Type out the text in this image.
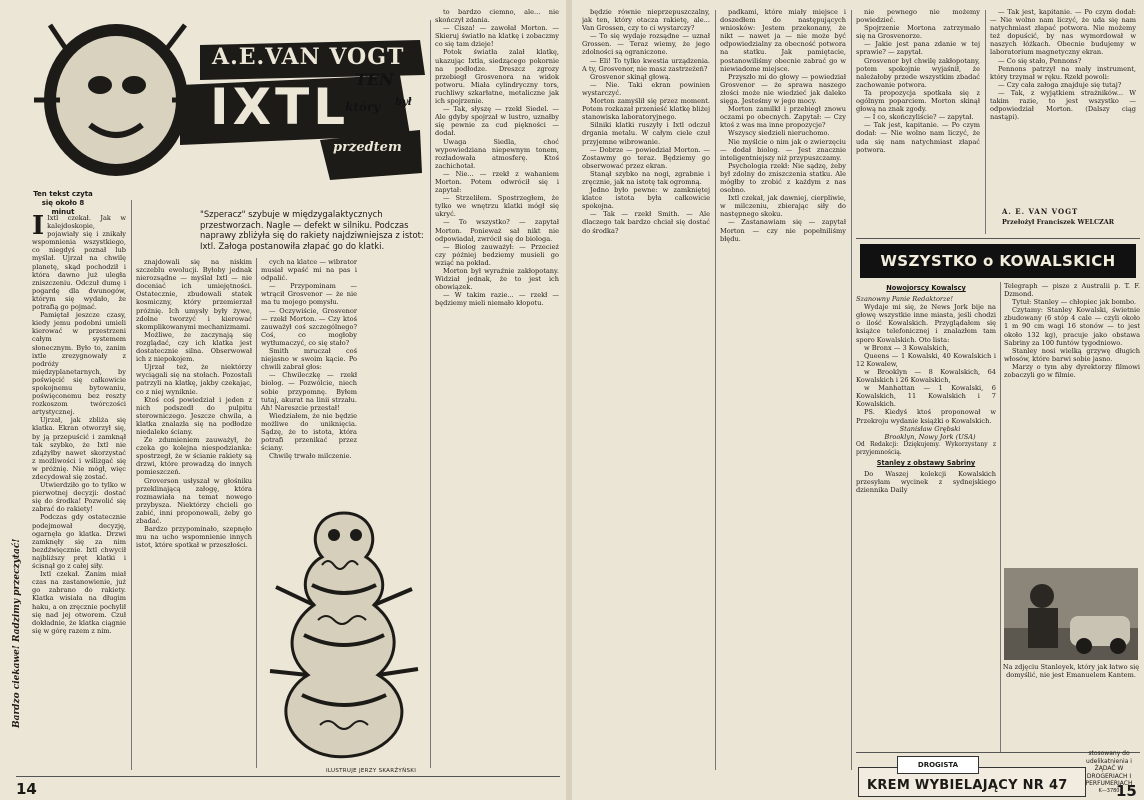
A.E.VAN VOGT
IXTL TEN
który był
przedtem
Ten tekst czyta się około 8 minut	"Szperacz" szybuje w międzygalaktycznych przestworzach. Nagle — defekt w silniku. Podczas naprawy zbliżyła się do rakiety najdziwniejsza z istot: Ixtl. Załoga postanowiła złapać go do klatki.
Bardzo ciekawe! Radzimy przeczytać!

I Ixtl czekał. Jak w kalejdoskopie, pojawiały się i znikały wspomnienia wszystkiego, co niegdyś poznał lub myślał. Ujrzał na chwilę planetę, skąd pochodził i która dawno już uległa zniszczeniu. Odczuł dumę i pogardę dla dwunogów, którym się wydało, że potrafią go pojmać.

Pamiętał jeszcze czasy, kiedy jemu podobni umieli kierować w przestrzeni całym systemem słonecznym. Było to, zanim ixtle zrezygnowały z podróży międzyplanetarnych, by poświęcić się całkowicie spokojnemu bytowaniu, poświęconemu bez reszty rozkoszom twórczości artystycznej.

Ujrzał, jak zbliża się klatka. Ekran otworzył się, by ją przepuścić i zamknął tak szybko, że Ixtl nie zdążyłby nawet skorzystać z możliwości i wślizgać się w próżnię. Nie mógł, więc zdecydował się zostać.

Utwierdziło go to tylko w pierwotnej decyzji: dostać się do środka! Pozwolić się zabrać do rakiety!

Podczas gdy ostatecznie podejmował decyzję, ogarnęła go klatka. Drzwi zamknęły się za nim bezdźwięcznie. Ixtl chwycił najbliższy pręt klatki i ścisnął go z całej siły.

Ixtl czekał. Zanim miał czas na zastanowienie, już go zabrano do rakiety. Klatka wisiała na długim haku, a on zręcznie pochylił się nad jej otworem. Czuł dokładnie, że klatka ciągnie się w górę razem z nim.

znajdowali się na niskim szczeblu ewolucji. Byłoby jednak nierozsądne — myślał Ixtl — nie doceniać ich umiejętności. Ostatecznie, zbudowali statek kosmiczny, który przemierzał próżnię. Ich umysły były żywe, zdolne tworzyć i kierować skomplikowanymi mechanizmami.

Możliwe, że zaczynają się rozglądać, czy ich klatka jest dostatecznie silna. Obserwował ich z niepokojem.

Ujrzał też, że niektórzy wyciągali się na stołach. Pozostali patrzyli na klatkę, jakby czekając, co z niej wyniknie.

Ktoś coś powiedział i jeden z nich podszedł do pulpitu sterowniczego. Jeszcze chwila, a klatka znalazła się na podłodze niedaleko ściany.

Ze zdumieniem zauważył, że czeka go kolejna niespodzianka: spostrzegł, że w ścianie rakiety są drzwi, które prowadzą do innych pomieszczeń.

Groverson usłyszał w głośniku przeklinającą załogę, która rozmawiała na temat nowego przybysza. Niektórzy chcieli go zabić, inni proponowali, żeby go zbadać.

Bardzo przypominało, szepnęło mu na ucho wspomnienie innych istot, które spotkał w przeszłości.

cych na klatce — wibrator musiał wpaść mi na pas i odpalić.

— Przypominam — wtrącił Grosvenor — że nie ma tu mojego pomysłu.

— Oczywiście, Grosvenor — rzekł Morton. — Czy ktoś zauważył coś szczególnego? Coś, co mogłoby wytłumaczyć, co się stało?

Smith mruczał coś niejasno w swoim kącie. Po chwili zabrał głos:

— Chwileczkę — rzekł biolog. — Pozwólcie, niech sobie przypomnę. Byłem tutaj, akurat na linii strzału. Ah! Nareszcie przestał!

Wiedziałem, że nie będzie możliwe do uniknięcia. Sądzę, że to istota, która potrafi przenikać przez ściany.

Chwilę trwało milczenie.

ILUSTRUJE JERZY SKARŻYŃSKI

to bardzo ciemno, ale... nie skończył zdania.

— Cisza! — zawołał Morton. — Skieruj światło na klatkę i zobaczmy co się tam dzieje!

Potok światła zalał klatkę, ukazując Ixtla, siedzącego pokornie na podłodze. Dreszcz zgrozy przebiegł Grosvenora na widok potworu. Miała cylindryczny tors, ruchliwy szkarłatne, metaliczne jak ich spojrzenie.

— Tak, słyszę — rzekł Siedel. — Ale gdyby spojrzał w lustro, uznałby się pewnie za cud piękności — dodał.

Uwaga Siedla, choć wypowiedziana niepewnym tonem, rozładowała atmosferę. Ktoś zachichotał.

— Nie... — rzekł z wahaniem Morton. Potem odwrócił się i zapytał:

— Strzeliłem. Spostrzegłem, że tylko we wnętrzu klatki mógł się ukryć.

— To wszystko? — zapytał Morton. Ponieważ sał nikt nie odpowiadał, zwrócił się do biologa.

— Biolog zauważył: — Przecież czy później bedziemy musieli go wziąć na pokład.

Morton był wyraźnie zakłopotany. Widział jednak, że to jest ich obowiązek.

— W takim razie... — rzekł — będziemy mieli niemało kłopotu.

14

będzie równie nieprzepuszczalny, jak ten, który otacza rakietę, ale... Van Grossen, czy to ci wystarczy?

— To się wydaje rozsądne — uznał Grossen. — Teraz wiemy, że jego zdolności są ograniczone.

— Eli! To tylko kwestia urządzenia. A ty, Grosvenor, nie masz zastrzeżeń?

Grosvenor skinął głową.

— Nie. Taki ekran powinien wystarczyć.

Morton zamyślił się przez moment. Potem rozkazał przenieść klatkę bliżej stanowiska laboratoryjnego.

Silniki klatki ruszyły i Ixtl odczuł drgania metalu. W całym ciele czuł przyjemne wibrowanie.

— Dobrze — powiedział Morton. — Zostawmy go teraz. Będziemy go obserwować przez ekran.

Stanął szybko na nogi, zgrabnie i zręcznie, jak na istotę tak ogromną.

Jedno było pewne: w zamkniętej klatce istota była całkowicie spokojna.

— Tak — rzekł Smith. — Ale dlaczego tak bardzo chciał się dostać do środka?

padkami, które miały miejsce i doszedłem do następujących wniosków: Jestem przekonany, że nikt — nawet ja — nie może być odpowiedzialny za obecność potwora na statku. Jak pamiętacie, postanowiliśmy obecnie zabrać go w niewiadome miejsce.

Przyszło mi do głowy — powiedział Grosvenor — że sprawa naszego złości może nie wiedzieć jak daleko sięga. Jesteśmy w jego mocy.

Morton zamilkł i przebiegł znowu oczami po obecnych. Zapytał: — Czy ktoś z was ma inne propozycje?

Wszyscy siedzieli nieruchomo.

Nie myślcie o nim jak o zwierzęciu — dodał biolog. — Jest znacznie inteligentniejszy niż przypuszczamy.

Psychologia rzekł: Nie sądzę, żeby był zdolny do zniszczenia statku. Ale mógłby to zrobić z każdym z nas osobno.

Ixtl czekał, jak dawniej, cierpliwie, w milczeniu, zbierając siły do następnego skoku.

— Zastanawiam się — zapytał Morton — czy nie popełniliśmy błędu.

nie pewnego nie możemy powiedzieć.

Spojrzenie Mortona zatrzymało się na Grosvenorze.

— Jakie jest pana zdanie w tej sprawie? — zapytał.

Grosvenor był chwilę zakłopotany, potem spokojnie wyjaśnił, że należałoby przede wszystkim zbadać zachowanie potwora.

Ta propozycja spotkała się z ogólnym poparciem. Morton skinął głową na znak zgody.

— I co, skończyliście? — zapytał.

— Tak jest, kapitanie. — Po czym dodał: — Nie wolno nam liczyć, że uda się nam natychmiast złapać potwora.

— Tak jest, kapitanie. — Po czym dodał: — Nie wolno nam liczyć, że uda się nam natychmiast złapać potwora. Nie możemy też dopuścić, by nas wymordował w naszych łóżkach. Obecnie budujemy w laboratorium magnetyczny ekran.

— Co się stało, Pennons?

Pennons patrzył na mały instrument, który trzymał w ręku. Rzekł powoli:

— Czy cała załoga znajduje się tutaj?

— Tak, z wyjątkiem strażników... W takim razie, to jest wszystko — odpowiedział Morton. (Dalszy ciąg nastąpi).

A. E. VAN VOGT
Przełożył Franciszek WELCZAR
WSZYSTKO o KOWALSKICH
Nowojorscy Kowalscy

Szanowny Panie Redaktorze!

Wydaje mi się, że News Jork bije na głowę wszystkie inne miasta, jeśli chodzi o ilość Kowalskich. Przyglądałem się książce telefonicznej i znalazłem tam sporo Kowalskich. Oto lista:

w Bronx — 3 Kowalskich,

Queens — 1 Kowalski, 40 Kowalskich i 12 Kowalew,

w Brooklyn — 8 Kowalskich, 64 Kowalskich i 26 Kowalskich,

w Manhattan — 1 Kowalski, 6 Kowalskich, 11 Kowalskich i 7 Kowalskich.

PS. Kiedyś ktoś proponował w Przekroju wydanie książki o Kowalskich.

Stanisław Grębski

Brooklyn, Nowy Jork (USA)

Od Redakcji: Dziękujemy. Wykorzystany z przyjemnością.

Stanley z obstawy Sabriny

Do Waszej kolekcji Kowalskich przesyłam wycinek z sydnejskiego dziennika Daily

Telegraph — pisze z Australii p. T. F. Dzmond.

Tytuł: Stanley — chłopiec jak bombo.

Czytamy: Stanley Kowalski, świetnie zbudowany (6 stóp 4 cale — czyli około 1 m 90 cm wagi 16 stonów — to jest około 132 kg), pracuje jako obstawa Sabriny za 100 funtów tygodniowo.

Stanley nosi wielką grzywę długich włosów, które barwi sobie jasno.

Marzy o tym aby dyrektorzy filmowi zobaczyli go w filmie.

Na zdjęciu Stanleyek, który jak łatwo się domyślić, nie jest Emanuelem Kantem.
DROGISTA
KREM WYBIELAJĄCY NR 47
stosowany do udelikatnienia i ŻĄDAĆ W DROGERIACH I PERFUMERIACH
K—3780
15
